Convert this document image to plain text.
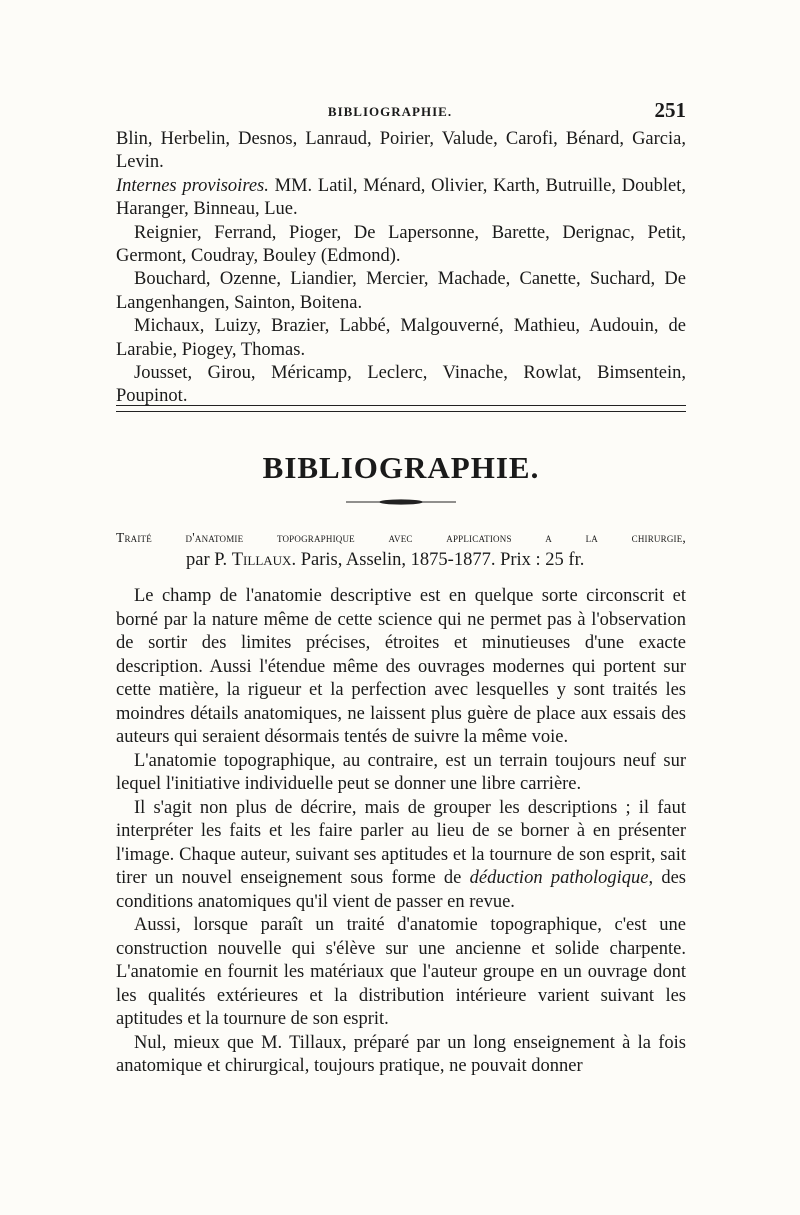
BIBLIOGRAPHIE.	251

Blin, Herbelin, Desnos, Lanraud, Poirier, Valude, Carofi, Bénard, Garcia, Levin.

Internes provisoires. MM. Latil, Ménard, Olivier, Karth, Butruille, Doublet, Haranger, Binneau, Lue.

Reignier, Ferrand, Pioger, De Lapersonne, Barette, Derignac, Petit, Germont, Coudray, Bouley (Edmond).

Bouchard, Ozenne, Liandier, Mercier, Machade, Canette, Suchard, De Langenhangen, Sainton, Boitena.

Michaux, Luizy, Brazier, Labbé, Malgouverné, Mathieu, Audouin, de Larabie, Piogey, Thomas.

Jousset, Girou, Méricamp, Leclerc, Vinache, Rowlat, Bimsentein, Poupinot.

BIBLIOGRAPHIE.
Traité d'anatomie topographique avec applications a la chirurgie,
par P. Tillaux. Paris, Asselin, 1875-1877. Prix : 25 fr.

Le champ de l'anatomie descriptive est en quelque sorte circonscrit et borné par la nature même de cette science qui ne permet pas à l'observation de sortir des limites précises, étroites et minutieuses d'une exacte description. Aussi l'étendue même des ouvrages modernes qui portent sur cette matière, la rigueur et la perfection avec lesquelles y sont traités les moindres détails anatomiques, ne laissent plus guère de place aux essais des auteurs qui seraient désormais tentés de suivre la même voie.

L'anatomie topographique, au contraire, est un terrain toujours neuf sur lequel l'initiative individuelle peut se donner une libre carrière.

Il s'agit non plus de décrire, mais de grouper les descriptions ; il faut interpréter les faits et les faire parler au lieu de se borner à en présenter l'image. Chaque auteur, suivant ses aptitudes et la tournure de son esprit, sait tirer un nouvel enseignement sous forme de déduction pathologique, des conditions anatomiques qu'il vient de passer en revue.

Aussi, lorsque paraît un traité d'anatomie topographique, c'est une construction nouvelle qui s'élève sur une ancienne et solide charpente. L'anatomie en fournit les matériaux que l'auteur groupe en un ouvrage dont les qualités extérieures et la distribution intérieure varient suivant les aptitudes et la tournure de son esprit.

Nul, mieux que M. Tillaux, préparé par un long enseignement à la fois anatomique et chirurgical, toujours pratique, ne pouvait donner
